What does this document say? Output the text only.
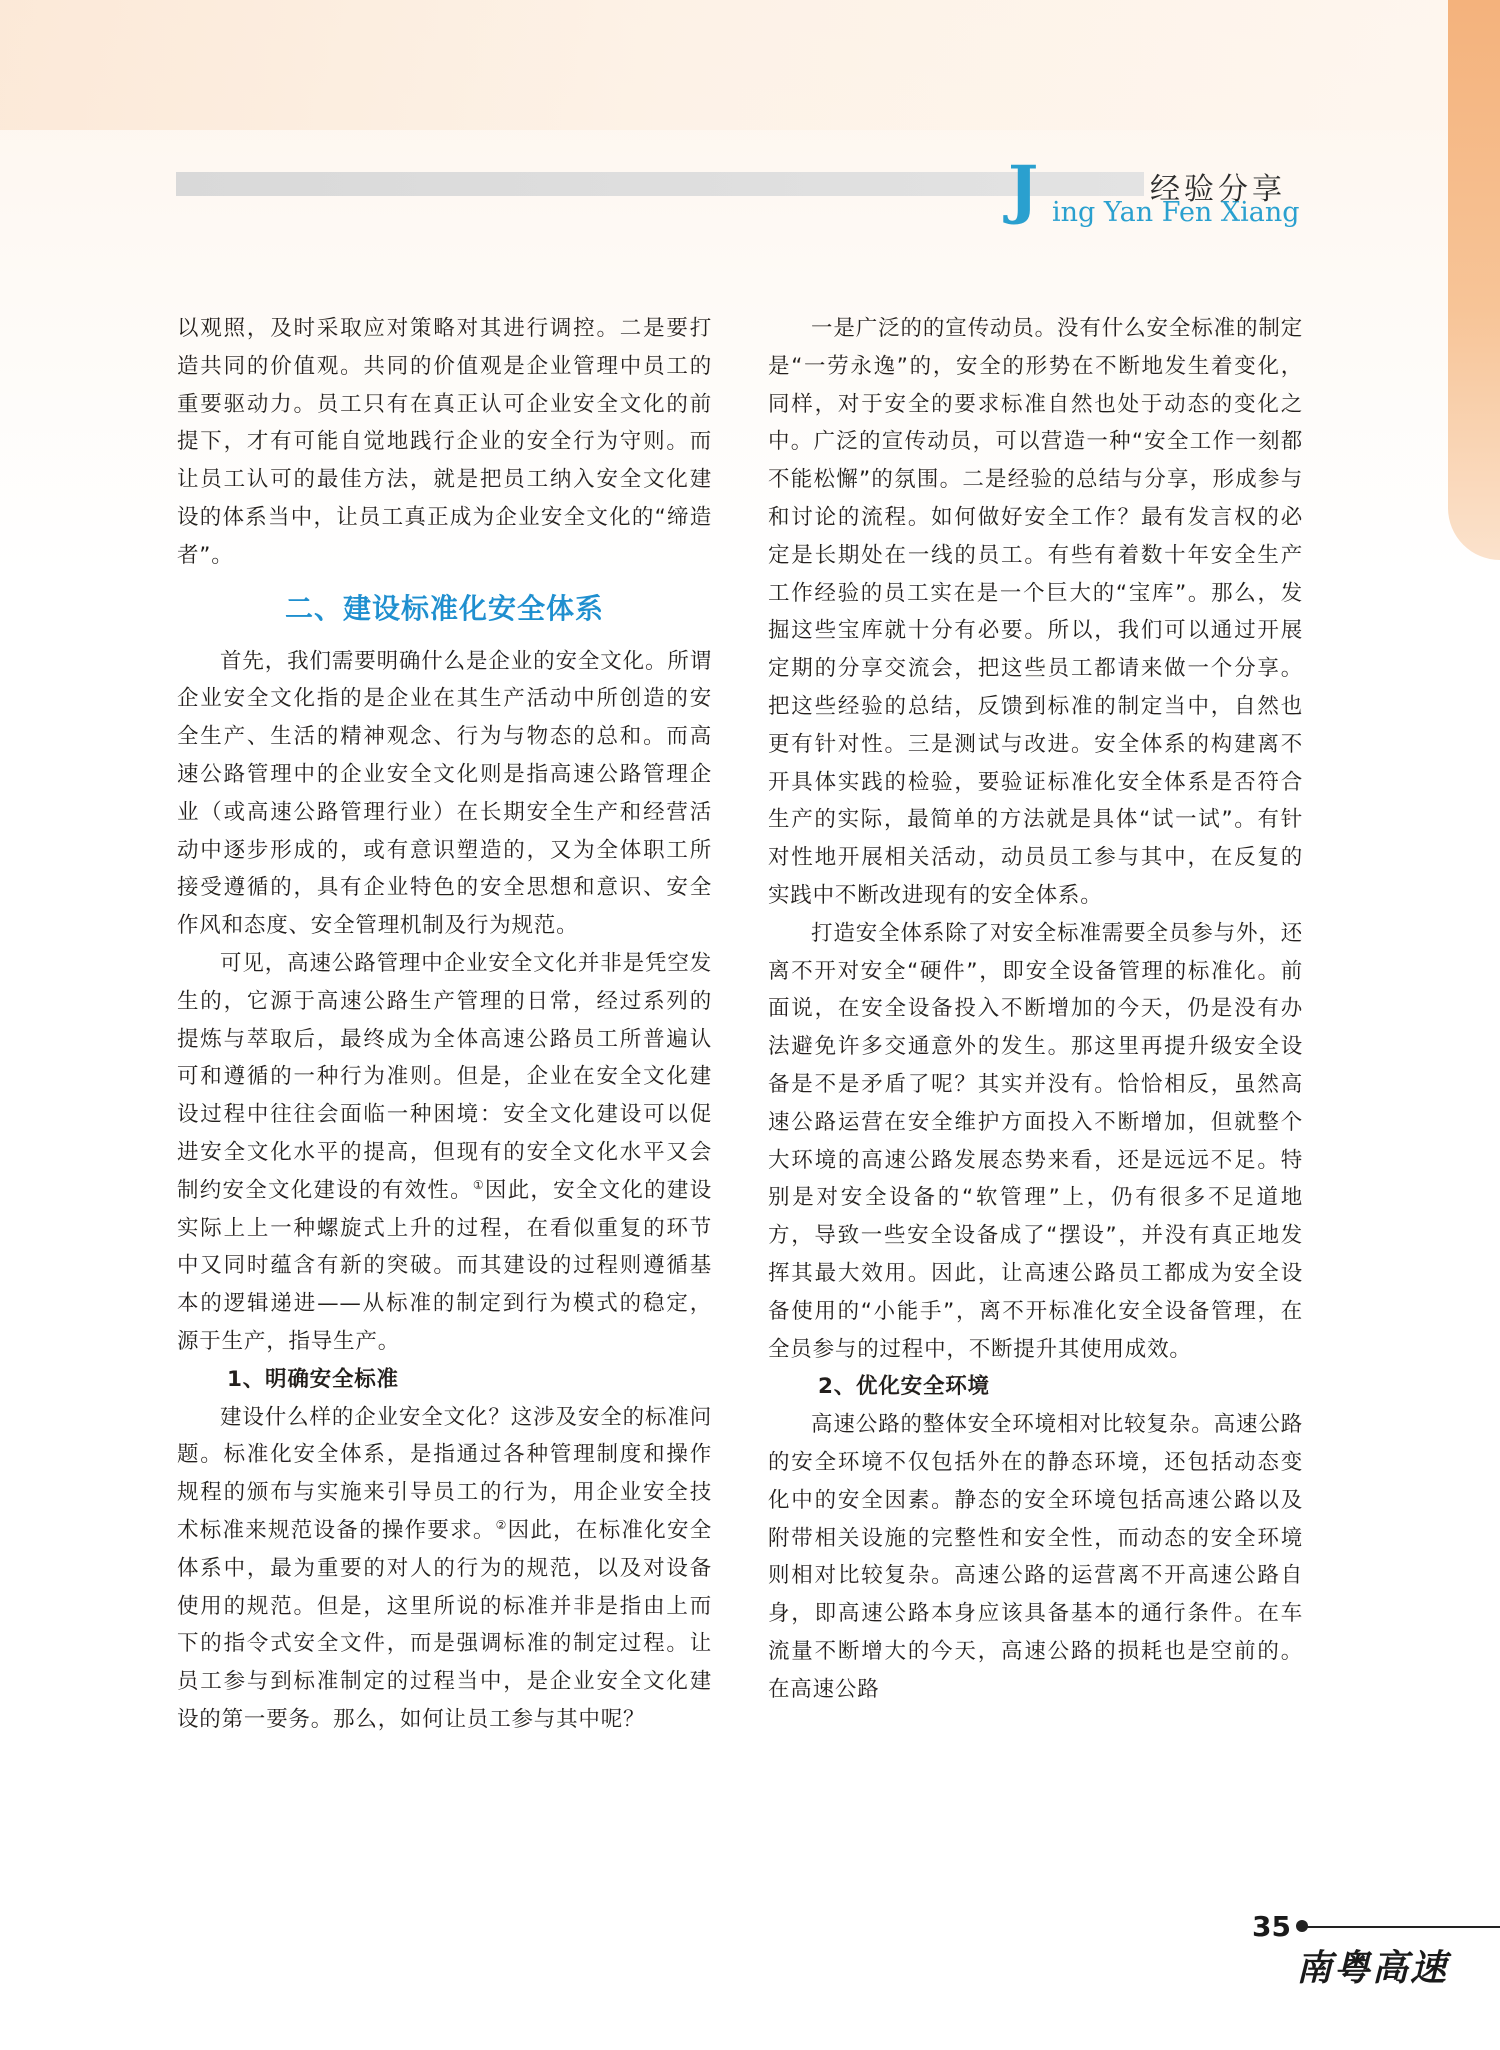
J ing Yan Fen Xiang
经验分享

以观照，及时采取应对策略对其进行调控。二是要打造共同的价值观。共同的价值观是企业管理中员工的重要驱动力。员工只有在真正认可企业安全文化的前提下，才有可能自觉地践行企业的安全行为守则。而让员工认可的最佳方法，就是把员工纳入安全文化建设的体系当中，让员工真正成为企业安全文化的“缔造者”。

二、建设标准化安全体系

首先，我们需要明确什么是企业的安全文化。所谓企业安全文化指的是企业在其生产活动中所创造的安全生产、生活的精神观念、行为与物态的总和。而高速公路管理中的企业安全文化则是指高速公路管理企业（或高速公路管理行业）在长期安全生产和经营活动中逐步形成的，或有意识塑造的，又为全体职工所接受遵循的，具有企业特色的安全思想和意识、安全作风和态度、安全管理机制及行为规范。

可见，高速公路管理中企业安全文化并非是凭空发生的，它源于高速公路生产管理的日常，经过系列的提炼与萃取后，最终成为全体高速公路员工所普遍认可和遵循的一种行为准则。但是，企业在安全文化建设过程中往往会面临一种困境：安全文化建设可以促进安全文化水平的提高，但现有的安全文化水平又会制约安全文化建设的有效性。①因此，安全文化的建设实际上上一种螺旋式上升的过程，在看似重复的环节中又同时蕴含有新的突破。而其建设的过程则遵循基本的逻辑递进——从标准的制定到行为模式的稳定，源于生产，指导生产。

1、明确安全标准

建设什么样的企业安全文化？这涉及安全的标准问题。标准化安全体系，是指通过各种管理制度和操作规程的颁布与实施来引导员工的行为，用企业安全技术标准来规范设备的操作要求。②因此，在标准化安全体系中，最为重要的对人的行为的规范，以及对设备使用的规范。但是，这里所说的标准并非是指由上而下的指令式安全文件，而是强调标准的制定过程。让员工参与到标准制定的过程当中，是企业安全文化建设的第一要务。那么，如何让员工参与其中呢？

一是广泛的的宣传动员。没有什么安全标准的制定是“一劳永逸”的，安全的形势在不断地发生着变化，同样，对于安全的要求标准自然也处于动态的变化之中。广泛的宣传动员，可以营造一种“安全工作一刻都不能松懈”的氛围。二是经验的总结与分享，形成参与和讨论的流程。如何做好安全工作？最有发言权的必定是长期处在一线的员工。有些有着数十年安全生产工作经验的员工实在是一个巨大的“宝库”。那么，发掘这些宝库就十分有必要。所以，我们可以通过开展定期的分享交流会，把这些员工都请来做一个分享。把这些经验的总结，反馈到标准的制定当中，自然也更有针对性。三是测试与改进。安全体系的构建离不开具体实践的检验，要验证标准化安全体系是否符合生产的实际，最简单的方法就是具体“试一试”。有针对性地开展相关活动，动员员工参与其中，在反复的实践中不断改进现有的安全体系。

打造安全体系除了对安全标准需要全员参与外，还离不开对安全“硬件”，即安全设备管理的标准化。前面说，在安全设备投入不断增加的今天，仍是没有办法避免许多交通意外的发生。那这里再提升级安全设备是不是矛盾了呢？其实并没有。恰恰相反，虽然高速公路运营在安全维护方面投入不断增加，但就整个大环境的高速公路发展态势来看，还是远远不足。特别是对安全设备的“软管理”上，仍有很多不足道地方，导致一些安全设备成了“摆设”，并没有真正地发挥其最大效用。因此，让高速公路员工都成为安全设备使用的“小能手”，离不开标准化安全设备管理，在全员参与的过程中，不断提升其使用成效。

2、优化安全环境

高速公路的整体安全环境相对比较复杂。高速公路的安全环境不仅包括外在的静态环境，还包括动态变化中的安全因素。静态的安全环境包括高速公路以及附带相关设施的完整性和安全性，而动态的安全环境则相对比较复杂。高速公路的运营离不开高速公路自身，即高速公路本身应该具备基本的通行条件。在车流量不断增大的今天，高速公路的损耗也是空前的。在高速公路

35
南粤高速
